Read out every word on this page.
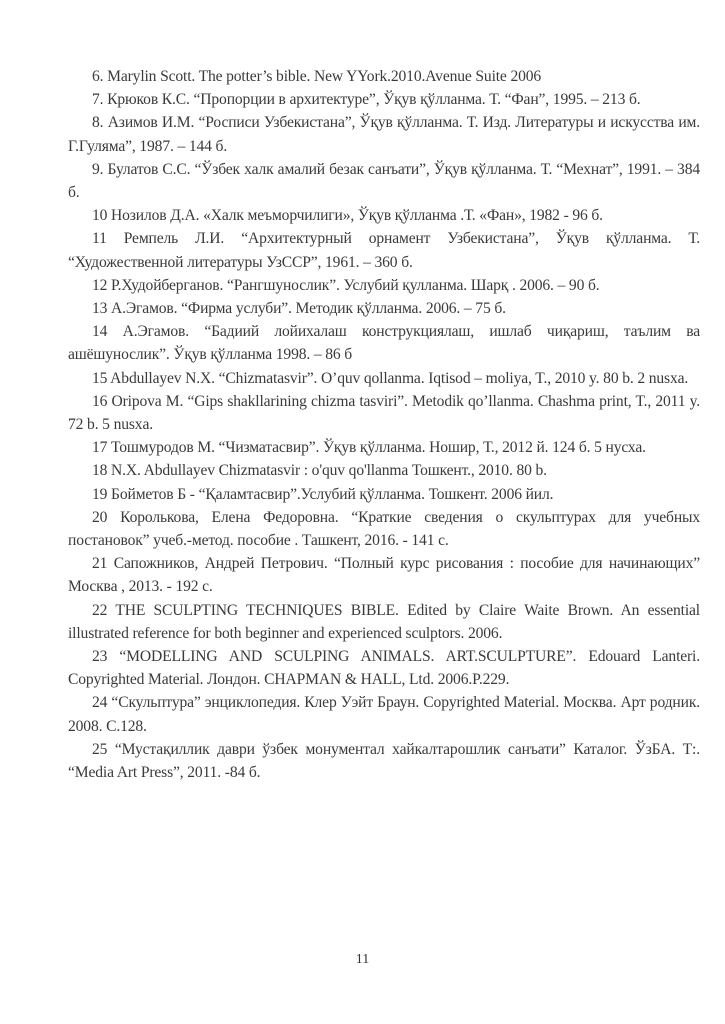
6. Marylin Scott. The potter’s bible. New YYork.2010.Avenue Suite 2006

7. Крюков К.С. “Пропорции в архитектуре”, Ўқув қўлланма. Т. “Фан”, 1995. – 213 б.

8. Азимов И.М. “Росписи Узбекистана”, Ўқув қўлланма. Т. Изд. Литературы и искусства им. Г.Гуляма”, 1987. – 144 б.

9. Булатов С.С. “Ўзбек халк амалий безак санъати”, Ўқув қўлланма. Т. “Мехнат”, 1991. – 384 б.

10 Нозилов Д.А. «Халк меъморчилиги», Ўқув қўлланма .Т. «Фан», 1982 - 96 б.

11 Ремпель Л.И. “Архитектурный орнамент Узбекистана”, Ўқув қўлланма. Т. “Художественной литературы УзССР”, 1961. – 360 б.

12 Р.Худойберганов. “Рангшунослик”. Услубий қулланма. Шарқ . 2006. – 90 б.

13 А.Эгамов. “Фирма услуби”. Методик қўлланма. 2006. – 75 б.

14 А.Эгамов. “Бадиий лойихалаш конструкциялаш, ишлаб чиқариш, таълим ва ашёшунослик”. Ўқув қўлланма 1998. – 86 б

15 Abdullayev N.X. “Chizmatasvir”. O’quv qollanma. Iqtisod – moliya, T., 2010 y. 80 b. 2 nusxa.

16 Oripova M. “Gips shakllarining chizma tasviri”. Metodik qo’llanma. Chashma print, T., 2011 y. 72 b. 5 nusxa.

17 Тошмуродов М. “Чизматасвир”. Ўқув қўлланма. Ношир, Т., 2012 й. 124 б. 5 нусха.

18 N.X. Abdullayev Chizmatasvir : o'quv qo'llanma Тошкент., 2010. 80 b.

19 Бойметов Б - “Қаламтасвир”.Услубий қўлланма. Тошкент. 2006 йил.

20 Королькова, Елена Федоровна. “Краткие сведения о скульптурах для учебных постановок” учеб.-метод. пособие . Ташкент, 2016. - 141 с.

21 Сапожников, Андрей Петрович. “Полный курс рисования : пособие для начинающих” Москва , 2013. - 192 с.

22 THE SCULPTING TECHNIQUES BIBLE. Edited by Claire Waite Brown. An essential illustrated reference for both beginner and experienced sculptors. 2006.

23 “MODELLING AND SCULPING ANIMALS. ART.SCULPTURE”. Edouard Lanteri. Copyrighted Material. Лондон. CHAPMAN & HALL, Ltd. 2006.P.229.

24 “Скульптура” энциклопедия. Клер Уэйт Браун. Copyrighted Material. Москва. Арт родник. 2008. С.128.

25 “Мустақиллик даври ўзбек монументал хайкалтарошлик санъати” Каталог. ЎзБА. Т:. “Media Art Press”, 2011. -84 б.

11
